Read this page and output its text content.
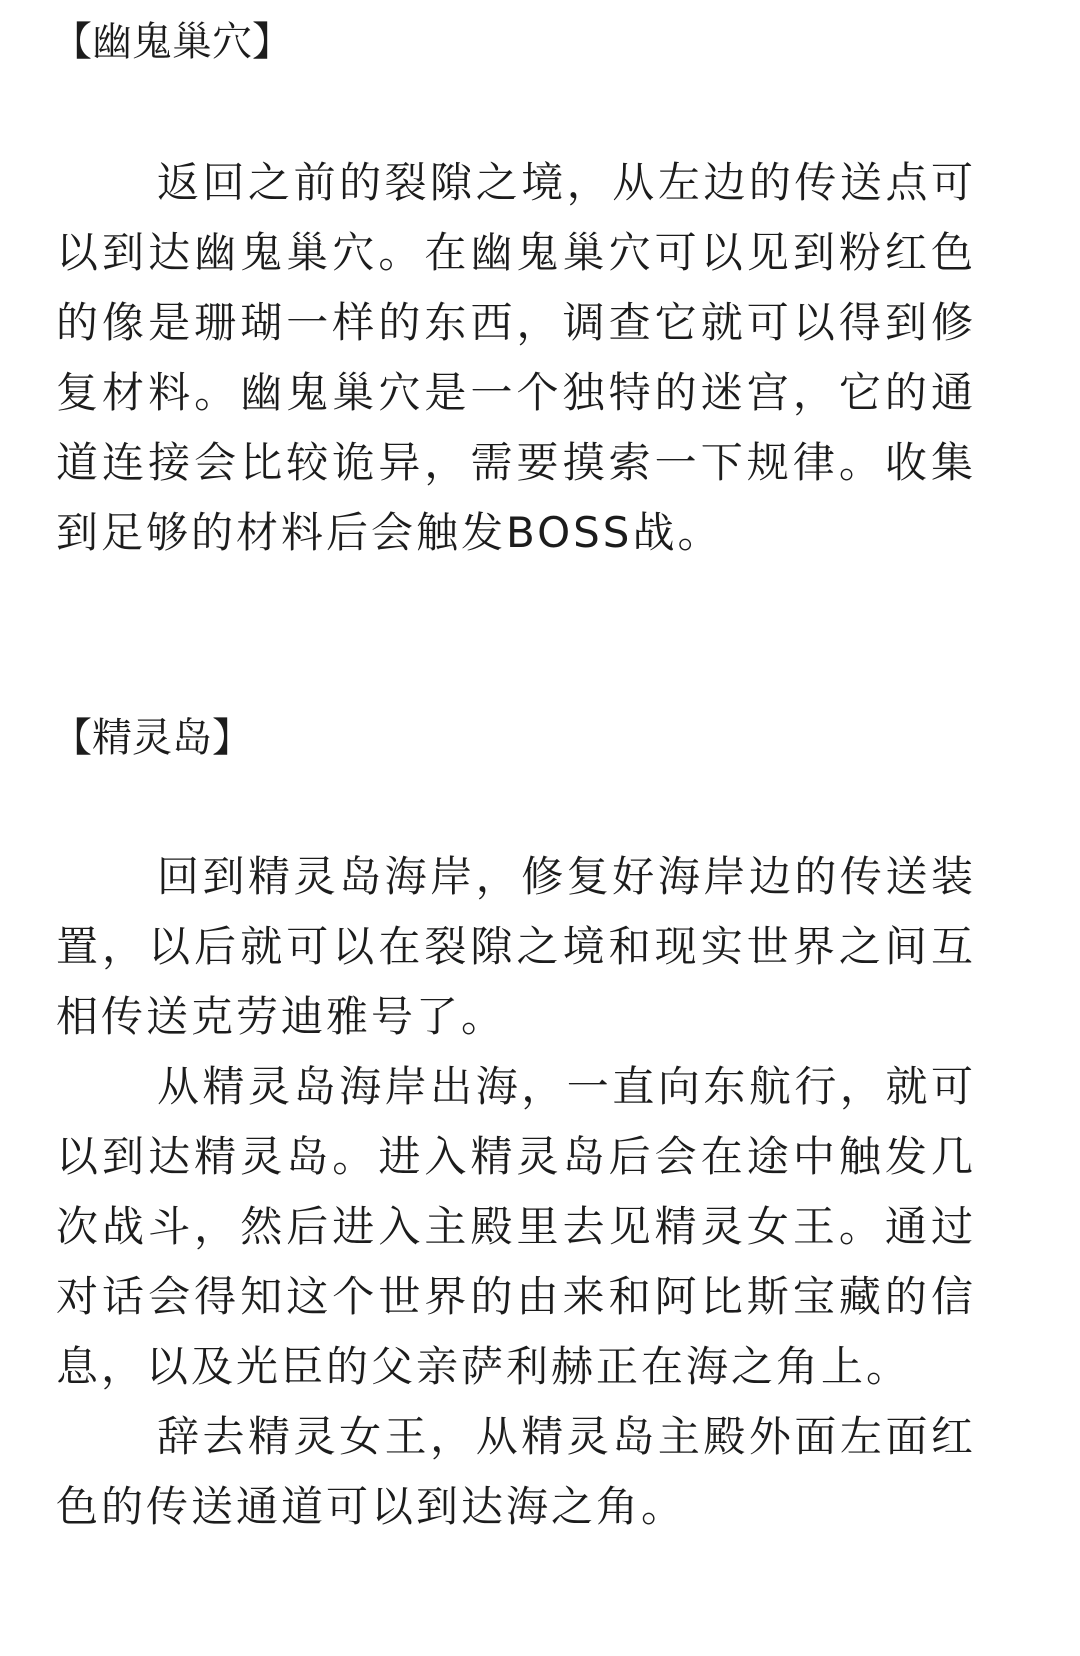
【幽鬼巢穴】

返回之前的裂隙之境，从左边的传送点可以到达幽鬼巢穴。在幽鬼巢穴可以见到粉红色的像是珊瑚一样的东西，调查它就可以得到修复材料。幽鬼巢穴是一个独特的迷宫，它的通道连接会比较诡异，需要摸索一下规律。收集到足够的材料后会触发BOSS战。

【精灵岛】

回到精灵岛海岸，修复好海岸边的传送装置，以后就可以在裂隙之境和现实世界之间互相传送克劳迪雅号了。

从精灵岛海岸出海，一直向东航行，就可以到达精灵岛。进入精灵岛后会在途中触发几次战斗，然后进入主殿里去见精灵女王。通过对话会得知这个世界的由来和阿比斯宝藏的信息，以及光臣的父亲萨利赫正在海之角上。

辞去精灵女王，从精灵岛主殿外面左面红色的传送通道可以到达海之角。
